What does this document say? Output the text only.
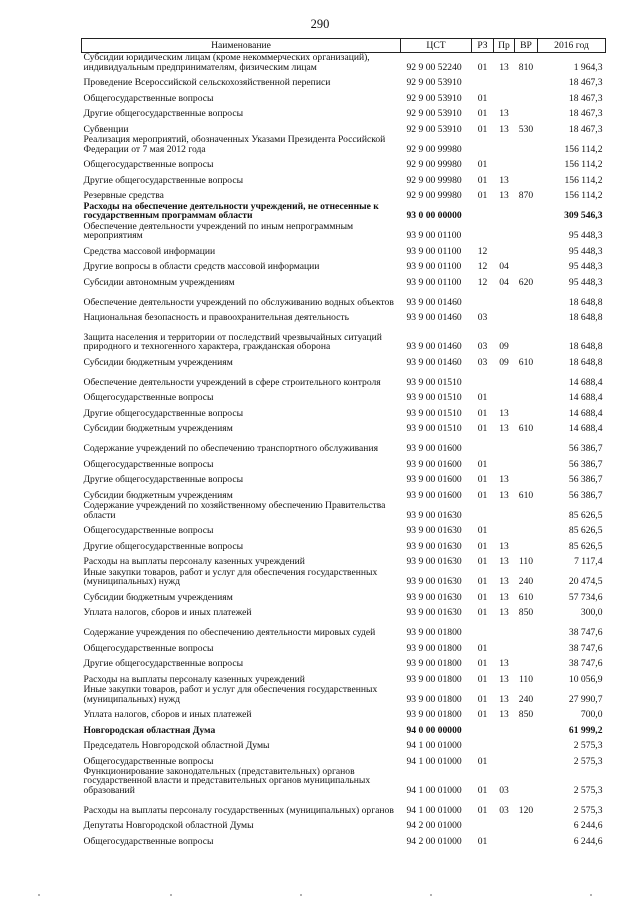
290
Наименование	ЦСТ	РЗ	Пр	ВР	2016 год
Субсидии юридическим лицам (кроме некоммерческих организаций), индивидуальным предпринимателям, физическим лицам	92 9 00 52240	01	13	810	1 964,3
Проведение Всероссийской сельскохозяйственной переписи	92 9 00 53910				18 467,3
Общегосударственные вопросы	92 9 00 53910	01			18 467,3
Другие общегосударственные вопросы	92 9 00 53910	01	13		18 467,3
Субвенции	92 9 00 53910	01	13	530	18 467,3
Реализация мероприятий, обозначенных Указами Президента Российской Федерации от 7 мая 2012 года	92 9 00 99980				156 114,2
Общегосударственные вопросы	92 9 00 99980	01			156 114,2
Другие общегосударственные вопросы	92 9 00 99980	01	13		156 114,2
Резервные средства	92 9 00 99980	01	13	870	156 114,2
Расходы на обеспечение деятельности учреждений, не отнесенные к государственным программам области	93 0 00 00000				309 546,3
Обеспечение деятельности учреждений по иным непрограммным мероприятиям	93 9 00 01100				95 448,3
Средства массовой информации	93 9 00 01100	12			95 448,3
Другие вопросы в области средств массовой информации	93 9 00 01100	12	04		95 448,3
Субсидии автономным учреждениям	93 9 00 01100	12	04	620	95 448,3
Обеспечение деятельности учреждений по обслуживанию водных объектов	93 9 00 01460				18 648,8
Национальная безопасность и правоохранительная деятельность	93 9 00 01460	03			18 648,8
Защита населения и территории от последствий чрезвычайных ситуаций природного и техногенного характера, гражданская оборона	93 9 00 01460	03	09		18 648,8
Субсидии бюджетным учреждениям	93 9 00 01460	03	09	610	18 648,8
Обеспечение деятельности учреждений в сфере строительного контроля	93 9 00 01510				14 688,4
Общегосударственные вопросы	93 9 00 01510	01			14 688,4
Другие общегосударственные вопросы	93 9 00 01510	01	13		14 688,4
Субсидии бюджетным учреждениям	93 9 00 01510	01	13	610	14 688,4
Содержание учреждений по обеспечению транспортного обслуживания	93 9 00 01600				56 386,7
Общегосударственные вопросы	93 9 00 01600	01			56 386,7
Другие общегосударственные вопросы	93 9 00 01600	01	13		56 386,7
Субсидии бюджетным учреждениям	93 9 00 01600	01	13	610	56 386,7
Содержание учреждений по хозяйственному обеспечению Правительства области	93 9 00 01630				85 626,5
Общегосударственные вопросы	93 9 00 01630	01			85 626,5
Другие общегосударственные вопросы	93 9 00 01630	01	13		85 626,5
Расходы на выплаты персоналу казенных учреждений	93 9 00 01630	01	13	110	7 117,4
Иные закупки товаров, работ и услуг для обеспечения государственных (муниципальных) нужд	93 9 00 01630	01	13	240	20 474,5
Субсидии бюджетным учреждениям	93 9 00 01630	01	13	610	57 734,6
Уплата налогов, сборов и иных платежей	93 9 00 01630	01	13	850	300,0
Содержание учреждения по обеспечению деятельности мировых судей	93 9 00 01800				38 747,6
Общегосударственные вопросы	93 9 00 01800	01			38 747,6
Другие общегосударственные вопросы	93 9 00 01800	01	13		38 747,6
Расходы на выплаты персоналу казенных учреждений	93 9 00 01800	01	13	110	10 056,9
Иные закупки товаров, работ и услуг для обеспечения государственных (муниципальных) нужд	93 9 00 01800	01	13	240	27 990,7
Уплата налогов, сборов и иных платежей	93 9 00 01800	01	13	850	700,0
Новгородская областная Дума	94 0 00 00000				61 999,2
Председатель Новгородской областной Думы	94 1 00 01000				2 575,3
Общегосударственные вопросы	94 1 00 01000	01			2 575,3
Функционирование законодательных (представительных) органов государственной власти и представительных органов муниципальных образований	94 1 00 01000	01	03		2 575,3
Расходы на выплаты персоналу государственных (муниципальных) органов	94 1 00 01000	01	03	120	2 575,3
Депутаты Новгородской областной Думы	94 2 00 01000				6 244,6
Общегосударственные вопросы	94 2 00 01000	01			6 244,6
